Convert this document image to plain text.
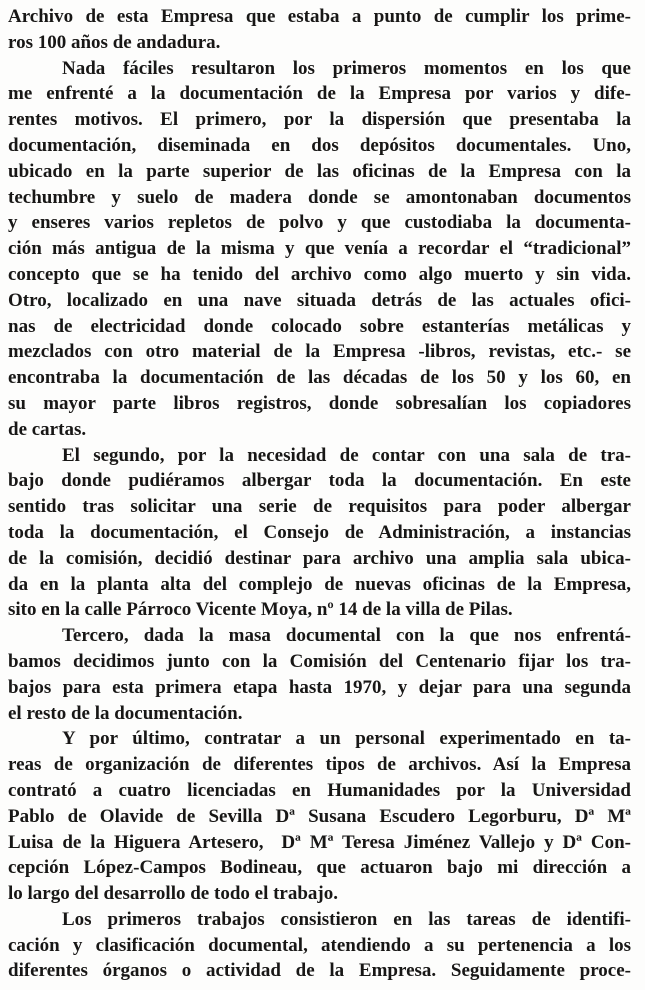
Archivo de esta Empresa que estaba a punto de cumplir los prime-
ros 100 años de andadura.
Nada fáciles resultaron los primeros momentos en los que
me enfrenté a la documentación de la Empresa por varios y dife-
rentes motivos. El primero, por la dispersión que presentaba la
documentación, diseminada en dos depósitos documentales. Uno,
ubicado en la parte superior de las oficinas de la Empresa con la
techumbre y suelo de madera donde se amontonaban documentos
y enseres varios repletos de polvo y que custodiaba la documenta-
ción más antigua de la misma y que venía a recordar el “tradicional”
concepto que se ha tenido del archivo como algo muerto y sin vida.
Otro, localizado en una nave situada detrás de las actuales ofici-
nas de electricidad donde colocado sobre estanterías metálicas y
mezclados con otro material de la Empresa -libros, revistas, etc.- se
encontraba la documentación de las décadas de los 50 y los 60, en
su mayor parte libros registros, donde sobresalían los copiadores
de cartas.
El segundo, por la necesidad de contar con una sala de tra-
bajo donde pudiéramos albergar toda la documentación. En este
sentido tras solicitar una serie de requisitos para poder albergar
toda la documentación, el Consejo de Administración, a instancias
de la comisión, decidió destinar para archivo una amplia sala ubica-
da en la planta alta del complejo de nuevas oficinas de la Empresa,
sito en la calle Párroco Vicente Moya, nº 14 de la villa de Pilas.
Tercero, dada la masa documental con la que nos enfrentá-
bamos decidimos junto con la Comisión del Centenario fijar los tra-
bajos para esta primera etapa hasta 1970, y dejar para una segunda
el resto de la documentación.
Y por último, contratar a un personal experimentado en ta-
reas de organización de diferentes tipos de archivos. Así la Empresa
contrató a cuatro licenciadas en Humanidades por la Universidad
Pablo de Olavide de Sevilla Dª Susana Escudero Legorburu, Dª Mª
Luisa de la Higuera Artesero,  Dª Mª Teresa Jiménez Vallejo y Dª Con-
cepción López-Campos Bodineau, que actuaron bajo mi dirección a
lo largo del desarrollo de todo el trabajo.
Los primeros trabajos consistieron en las tareas de identifi-
cación y clasificación documental, atendiendo a su pertenencia a los
diferentes órganos o actividad de la Empresa. Seguidamente proce-
